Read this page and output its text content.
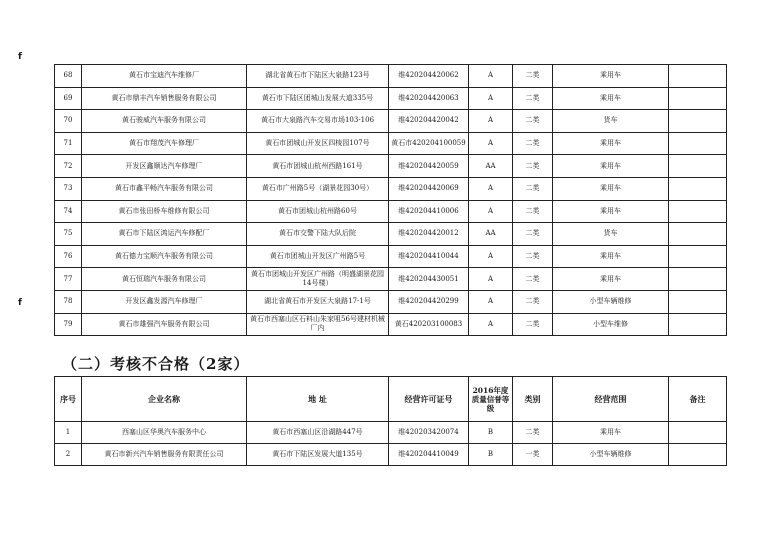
f
f
68	黄石市宝迪汽车维修厂	湖北省黄石市下陆区大泉路123号	维420204420062	A	二类	乘用车	
69	黄石市鼎丰汽车销售服务有限公司	黄石市下陆区团城山发展大道335号	维420204420063	A	二类	乘用车	
70	黄石骏威汽车服务有限公司	黄石市大泉路汽车交易市场103-106	维420204420042	A	二类	货车	
71	黄石市翔茂汽车修理厂	黄石市团城山开发区四棱园107号	黄石市420204100059	A	二类	乘用车	
72	开发区鑫顺达汽车修理厂	黄石市团城山杭州西路161号	维420204420059	AA	二类	乘用车	
73	黄石市鑫平畅汽车服务有限公司	黄石市广州路5号（湖景花园30号）	维420204420069	A	二类	乘用车	
74	黄石市张田桥车维修有限公司	黄石市团城山杭州路60号	维420204410006	A	二类	乘用车	
75	黄石市下陆区鸿运汽车修配厂	黄石市交警下陆大队后院	维420204420012	AA	二类	货车	
76	黄石德力宝顺汽车服务有限公司	黄石市团城山开发区广州路5号	维420204410044	A	二类	乘用车	
77	黄石恒瑞汽车服务有限公司	黄石市团城山开发区广州路（明盛湖景花园14号楼）	维420204430051	A	二类	乘用车	
78	开发区鑫发源汽车修理厂	湖北省黄石市开发区大泉路17-1号	维420204420299	A	二类	小型车辆维修	
79	黄石市雄强汽车服务有限公司	黄石市西塞山区石料山朱家咀56号建材机械厂内	黄石420203100083	A	二类	小型车维修	
（二）考核不合格（2家）
序号	企业名称	地 址	经营许可证号	2016年度质量信誉等级	类别	经营范围	备注
1	西塞山区华奥汽车服务中心	黄石市西塞山区沿湖路447号	维420203420074	B	二类	乘用车	
2	黄石市新兴汽车销售服务有限责任公司	黄石市下陆区发展大道135号	维420204410049	B	一类	小型车辆维修	
